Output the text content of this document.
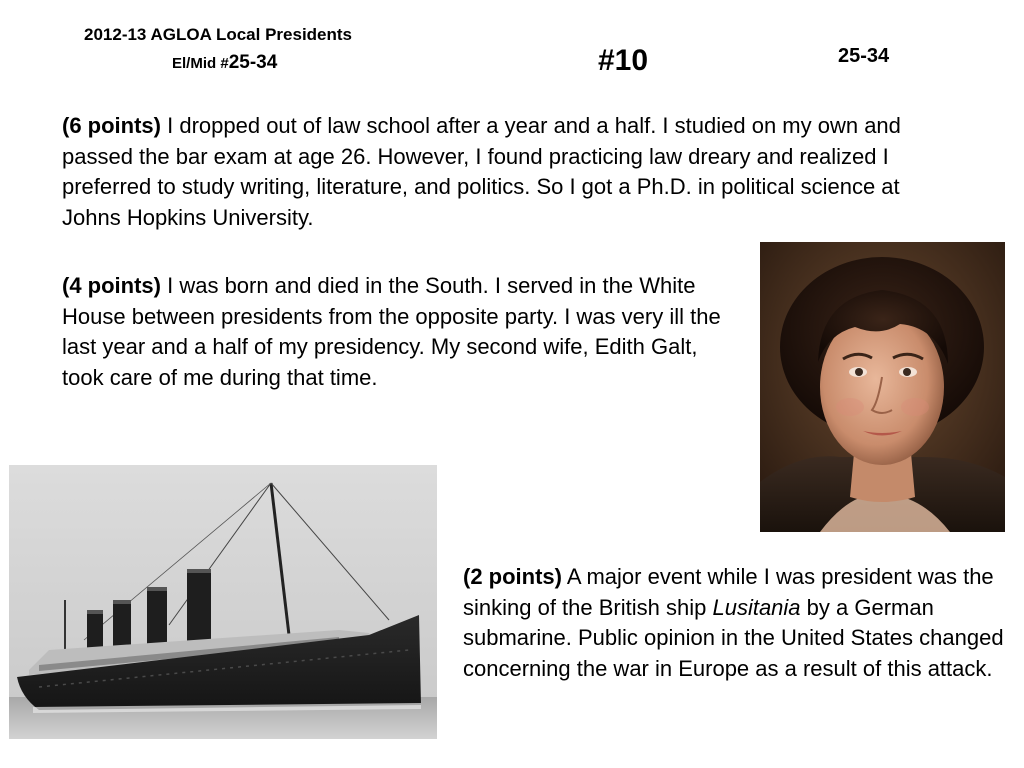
2012-13 AGLOA Local Presidents
El/Mid #25-34	#10	25-34
(6 points) I dropped out of law school after a year and a half. I studied on my own and passed the bar exam at age 26. However, I found practicing law dreary and realized I preferred to study writing, literature, and politics. So I got a Ph.D. in political science at Johns Hopkins University.
(4 points) I was born and died in the South. I served in the White House between presidents from the opposite party. I was very ill the last year and a half of my presidency. My second wife, Edith Galt, took care of me during that time.
(2 points) A major event while I was president was the sinking of the British ship Lusitania by a German submarine. Public opinion in the United States changed concerning the war in Europe as a result of this attack.
